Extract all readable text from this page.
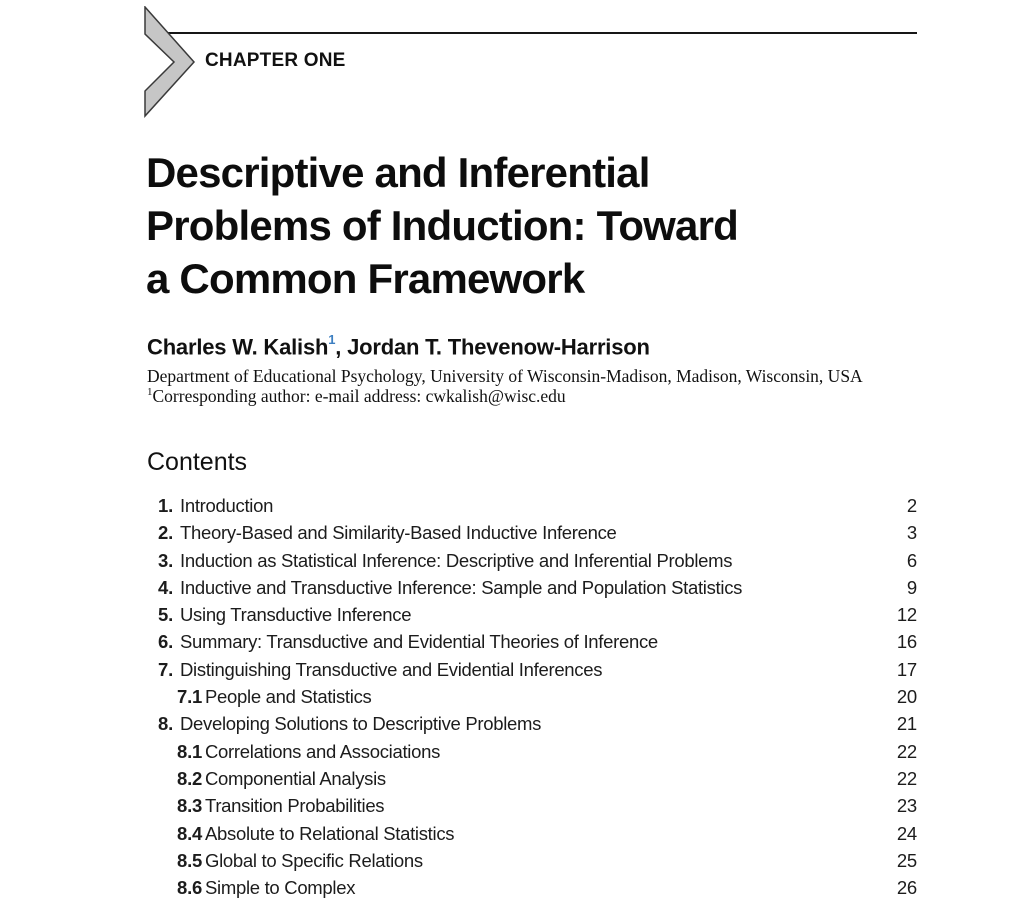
CHAPTER ONE
Descriptive and Inferential
Problems of Induction: Toward
a Common Framework
Charles W. Kalish$^1$, Jordan T. Thevenow-Harrison
Department of Educational Psychology, University of Wisconsin-Madison, Madison, Wisconsin, USA
$^1$Corresponding author: e-mail address: cwkalish@wisc.edu
Contents
1. Introduction	2
2. Theory-Based and Similarity-Based Inductive Inference	3
3. Induction as Statistical Inference: Descriptive and Inferential Problems	6
4. Inductive and Transductive Inference: Sample and Population Statistics	9
5. Using Transductive Inference	12
6. Summary: Transductive and Evidential Theories of Inference	16
7. Distinguishing Transductive and Evidential Inferences	17
7.1 People and Statistics	20
8. Developing Solutions to Descriptive Problems	21
8.1 Correlations and Associations	22
8.2 Componential Analysis	22
8.3 Transition Probabilities	23
8.4 Absolute to Relational Statistics	24
8.5 Global to Specific Relations	25
8.6 Simple to Complex	26
